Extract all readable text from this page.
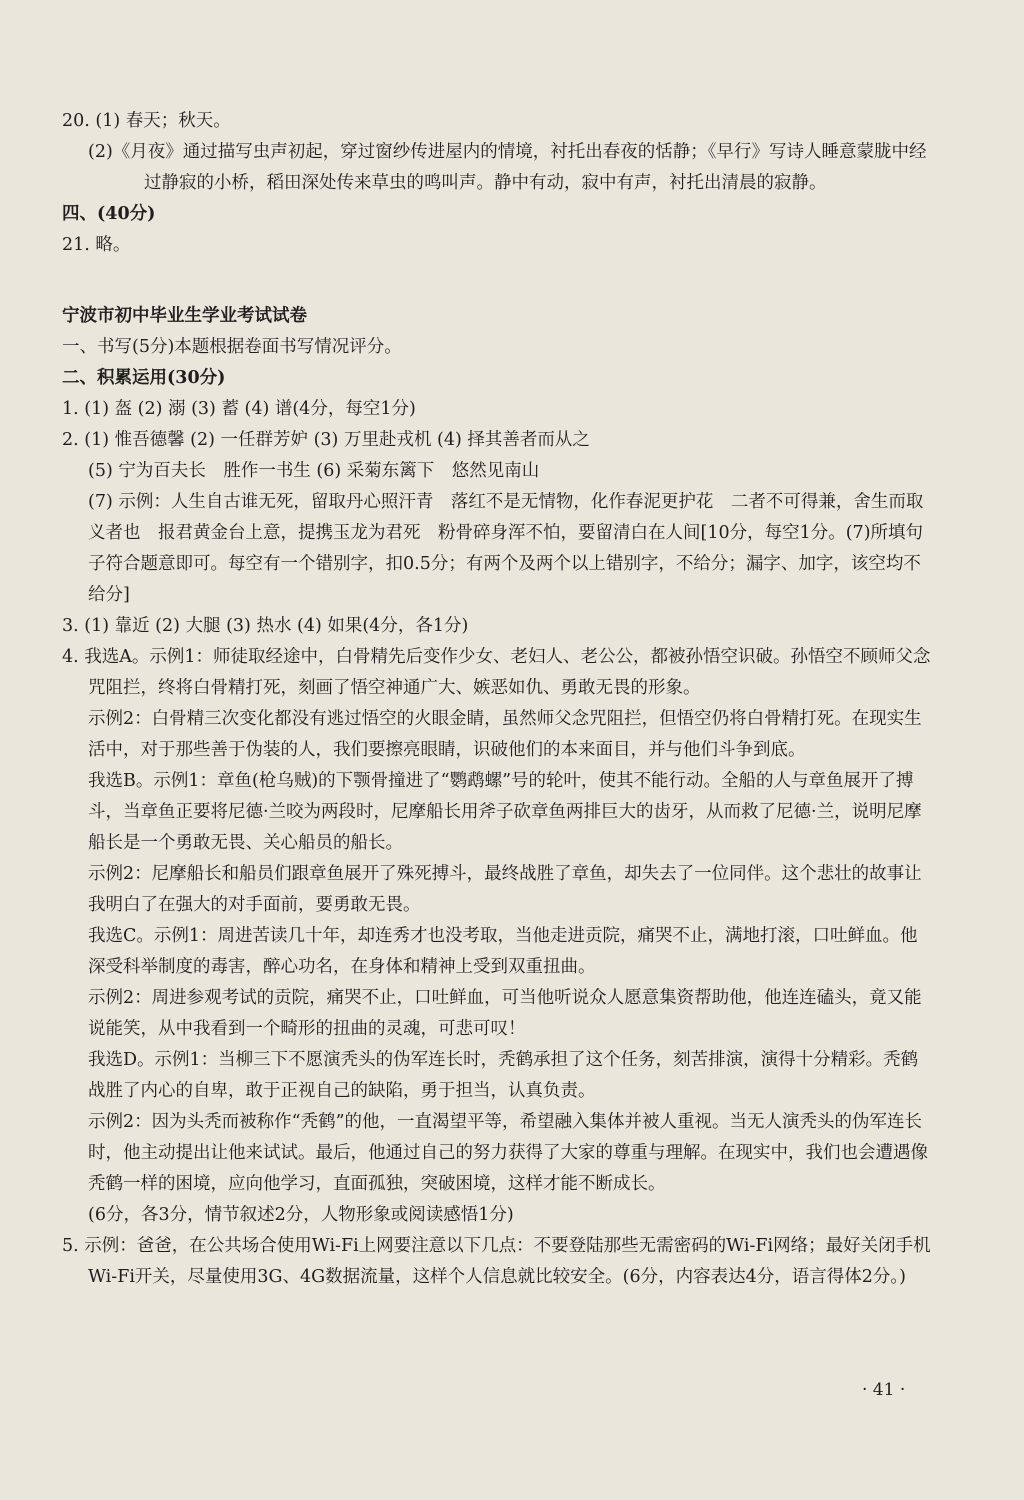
20. (1) 春天；秋天。

(2)《月夜》通过描写虫声初起，穿过窗纱传进屋内的情境，衬托出春夜的恬静；《早行》写诗人睡意蒙胧中经过静寂的小桥，稻田深处传来草虫的鸣叫声。静中有动，寂中有声，衬托出清晨的寂静。

四、(40分)

21. 略。

宁波市初中毕业生学业考试试卷

一、书写(5分)本题根据卷面书写情况评分。

二、积累运用(30分)

1. (1) 盔 (2) 溺 (3) 蓄 (4) 谱(4分，每空1分)

2. (1) 惟吾德馨 (2) 一任群芳妒 (3) 万里赴戎机 (4) 择其善者而从之

(5) 宁为百夫长　胜作一书生 (6) 采菊东篱下　悠然见南山

(7) 示例：人生自古谁无死，留取丹心照汗青　落红不是无情物，化作春泥更护花　二者不可得兼，舍生而取义者也　报君黄金台上意，提携玉龙为君死　粉骨碎身浑不怕，要留清白在人间[10分，每空1分。(7)所填句子符合题意即可。每空有一个错别字，扣0.5分；有两个及两个以上错别字，不给分；漏字、加字，该空均不给分]

3. (1) 靠近 (2) 大腿 (3) 热水 (4) 如果(4分，各1分)

4. 我选A。示例1：师徒取经途中，白骨精先后变作少女、老妇人、老公公，都被孙悟空识破。孙悟空不顾师父念咒阻拦，终将白骨精打死，刻画了悟空神通广大、嫉恶如仇、勇敢无畏的形象。

示例2：白骨精三次变化都没有逃过悟空的火眼金睛，虽然师父念咒阻拦，但悟空仍将白骨精打死。在现实生活中，对于那些善于伪装的人，我们要擦亮眼睛，识破他们的本来面目，并与他们斗争到底。

我选B。示例1：章鱼(枪乌贼)的下颚骨撞进了“鹦鹉螺”号的轮叶，使其不能行动。全船的人与章鱼展开了搏斗，当章鱼正要将尼德·兰咬为两段时，尼摩船长用斧子砍章鱼两排巨大的齿牙，从而救了尼德·兰，说明尼摩船长是一个勇敢无畏、关心船员的船长。

示例2：尼摩船长和船员们跟章鱼展开了殊死搏斗，最终战胜了章鱼，却失去了一位同伴。这个悲壮的故事让我明白了在强大的对手面前，要勇敢无畏。

我选C。示例1：周进苦读几十年，却连秀才也没考取，当他走进贡院，痛哭不止，满地打滚，口吐鲜血。他深受科举制度的毒害，醉心功名，在身体和精神上受到双重扭曲。

示例2：周进参观考试的贡院，痛哭不止，口吐鲜血，可当他听说众人愿意集资帮助他，他连连磕头，竟又能说能笑，从中我看到一个畸形的扭曲的灵魂，可悲可叹！

我选D。示例1：当柳三下不愿演秃头的伪军连长时，秃鹤承担了这个任务，刻苦排演，演得十分精彩。秃鹤战胜了内心的自卑，敢于正视自己的缺陷，勇于担当，认真负责。

示例2：因为头秃而被称作“秃鹤”的他，一直渴望平等，希望融入集体并被人重视。当无人演秃头的伪军连长时，他主动提出让他来试试。最后，他通过自己的努力获得了大家的尊重与理解。在现实中，我们也会遭遇像秃鹤一样的困境，应向他学习，直面孤独，突破困境，这样才能不断成长。

(6分，各3分，情节叙述2分，人物形象或阅读感悟1分)

5. 示例：爸爸，在公共场合使用Wi-Fi上网要注意以下几点：不要登陆那些无需密码的Wi-Fi网络；最好关闭手机Wi-Fi开关，尽量使用3G、4G数据流量，这样个人信息就比较安全。(6分，内容表达4分，语言得体2分。)

· 41 ·
